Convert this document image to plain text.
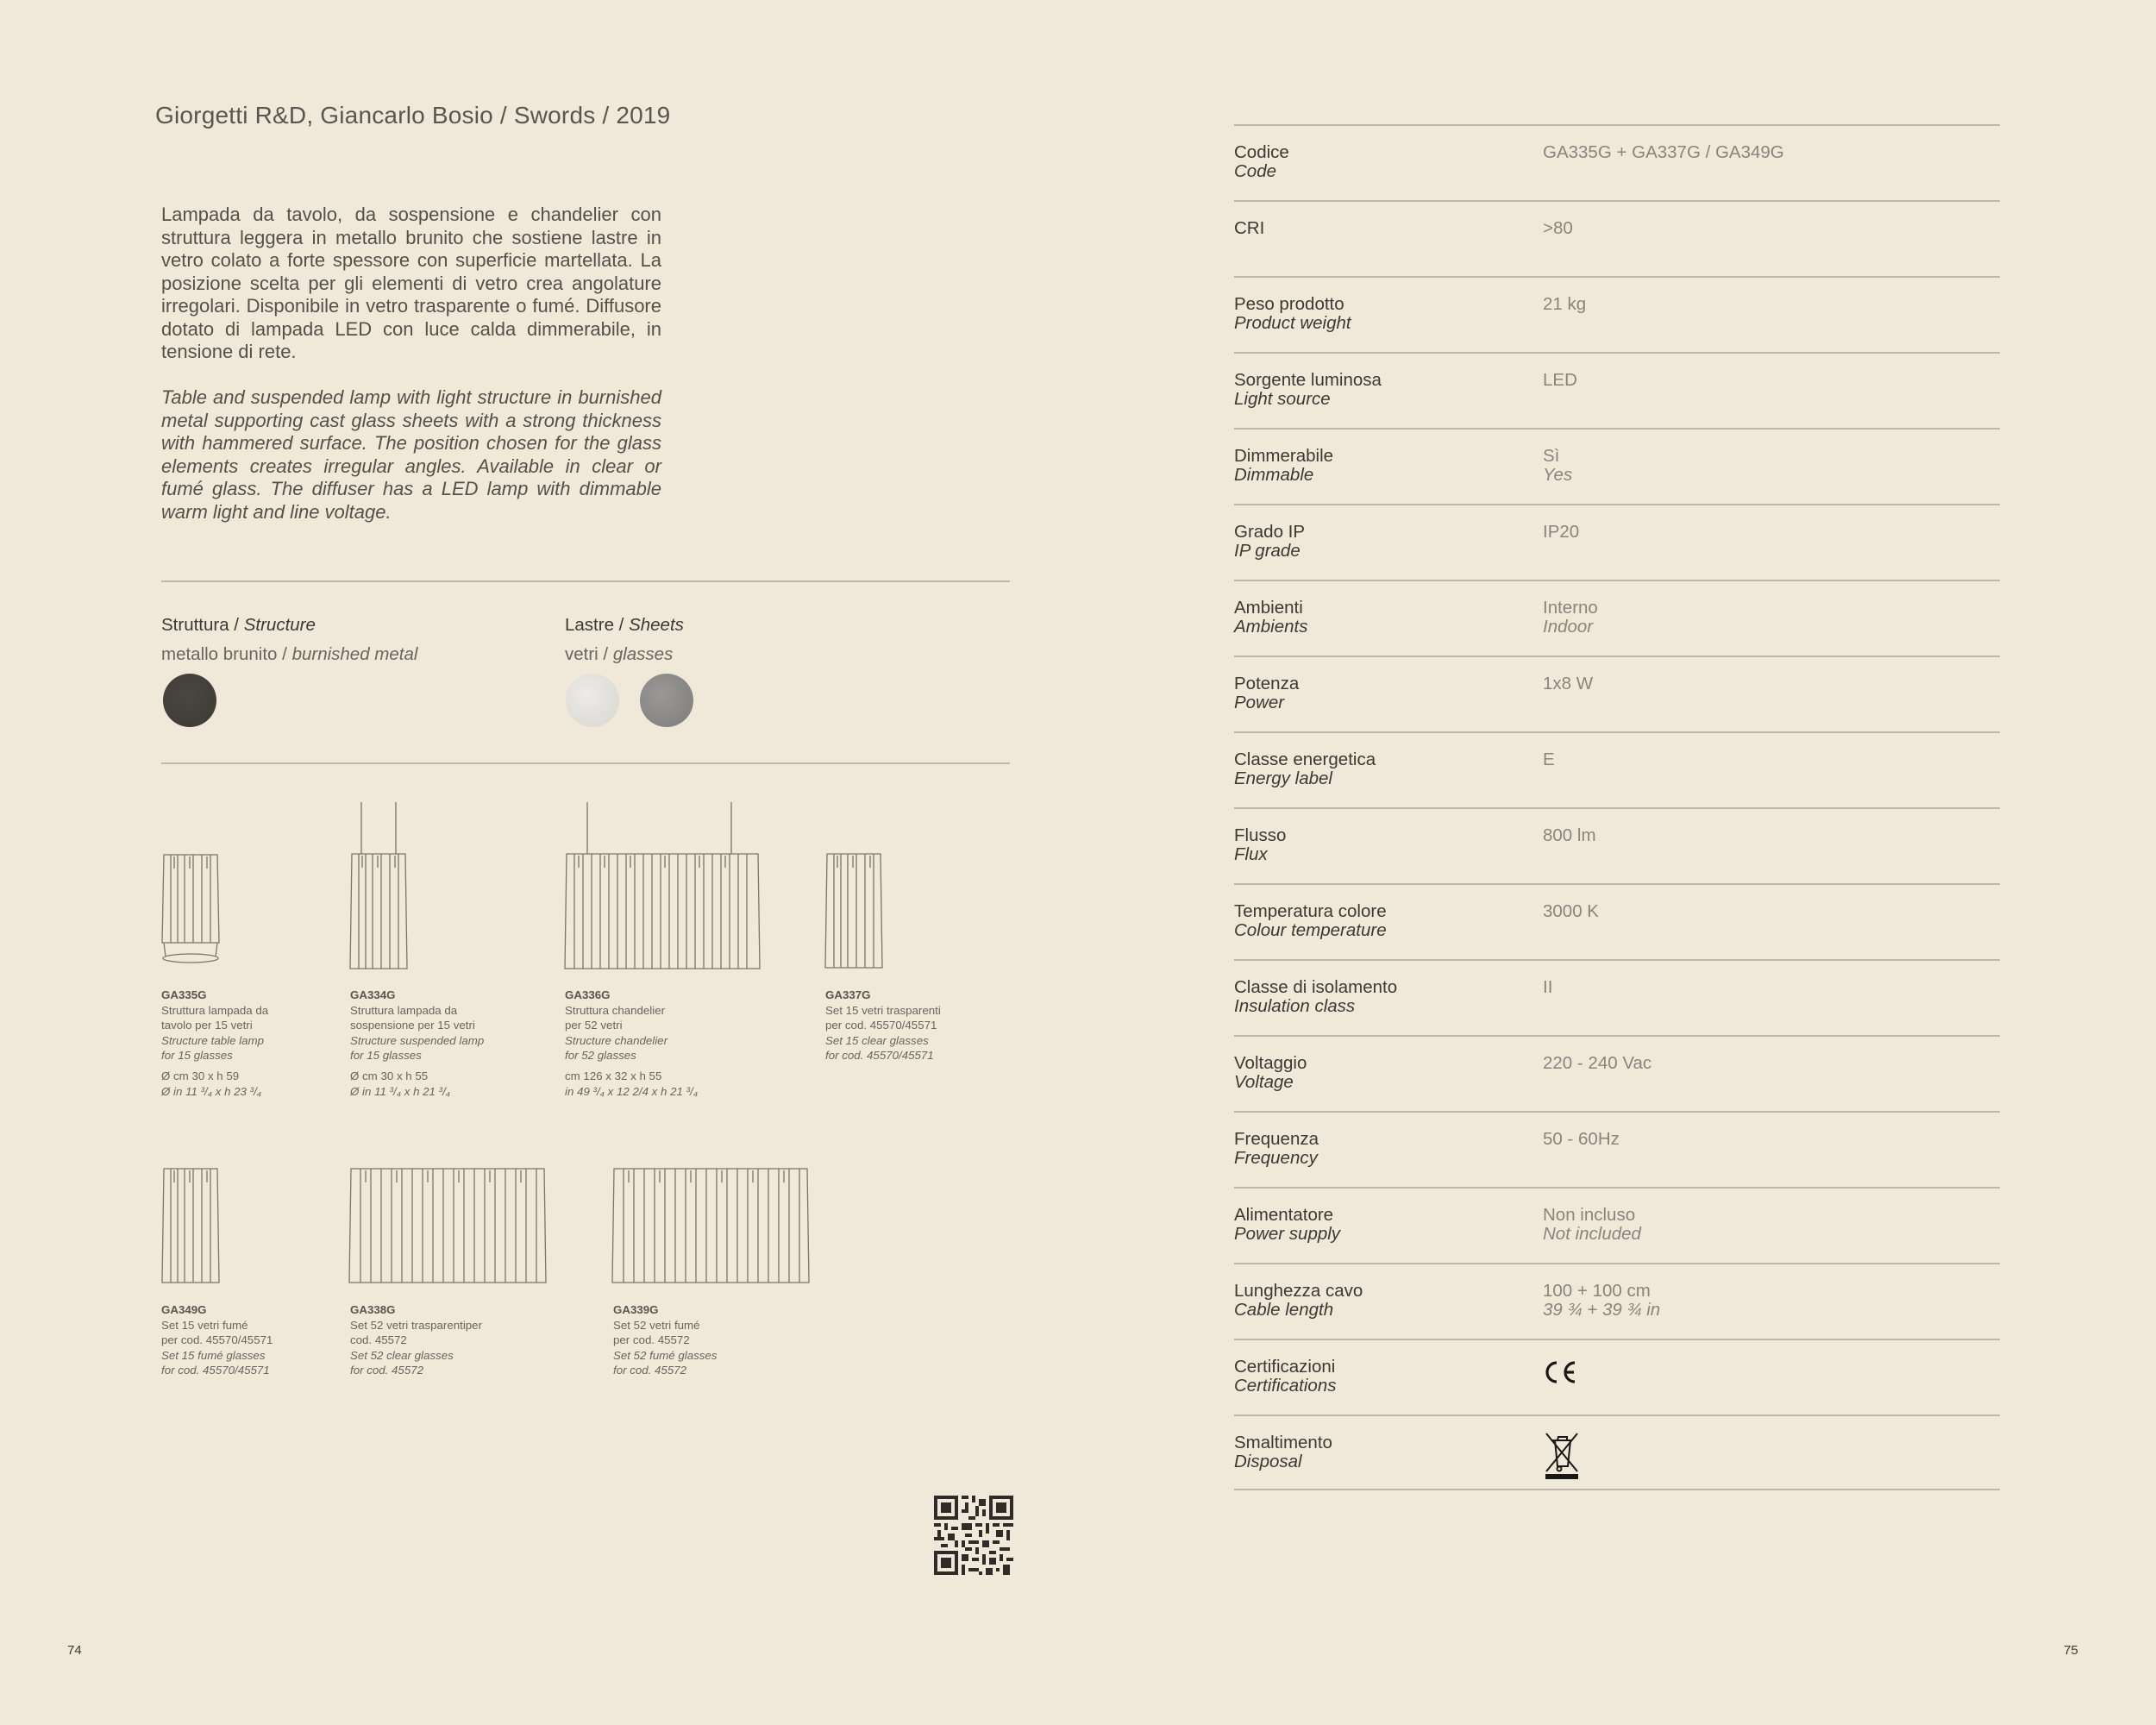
Giorgetti R&D, Giancarlo Bosio / Swords / 2019
Lampada da tavolo, da sospensione e chandelier con struttura leggera in metallo brunito che sostiene lastre in vetro colato a forte spessore con superficie martellata. La posizione scelta per gli elementi di vetro crea angolature irregolari. Disponibile in vetro trasparente o fumé. Diffusore dotato di lampada LED con luce calda dimmerabile, in tensione di rete.
Table and suspended lamp with light structure in burnished metal supporting cast glass sheets with a strong thickness with hammered surface. The position chosen for the glass elements creates irregular angles. Available in clear or fumé glass. The diffuser has a LED lamp with dimmable warm light and line voltage.
Struttura / Structure
metallo brunito / burnished metal
Lastre / Sheets
vetri / glasses
GA335G
Struttura lampada da
tavolo per 15 vetri
Structure table lamp
for 15 glasses
Ø cm 30 x h 59
Ø in 11 ³/₄ x h 23 ³/₄
GA334G
Struttura lampada da
sospensione per 15 vetri
Structure suspended lamp
for 15 glasses
Ø cm 30 x h 55
Ø in 11 ³/₄ x h 21 ³/₄
GA336G
Struttura chandelier
per 52 vetri
Structure chandelier
for 52 glasses
cm 126 x 32 x h 55
in 49 ³/₄ x 12 2/4 x h 21 ³/₄
GA337G
Set 15 vetri trasparenti
per cod. 45570/45571
Set 15 clear glasses
for cod. 45570/45571
GA349G
Set 15 vetri fumé
per cod. 45570/45571
Set 15 fumé glasses
for cod. 45570/45571
GA338G
Set 52 vetri trasparentiper
cod. 45572
Set 52 clear glasses
for cod. 45572
GA339G
Set 52 vetri fumé
per cod. 45572
Set 52 fumé glasses
for cod. 45572
Codice
Code
GA335G + GA337G / GA349G
CRI	>80
Peso prodotto
Product weight
21 kg
Sorgente luminosa
Light source
LED
Dimmerabile
Dimmable
Sì
Yes
Grado IP
IP grade
IP20
Ambienti
Ambients
Interno
Indoor
Potenza
Power
1x8 W
Classe energetica
Energy label
E
Flusso
Flux
800 lm
Temperatura colore
Colour temperature
3000 K
Classe di isolamento
Insulation class
II
Voltaggio
Voltage
220 - 240 Vac
Frequenza
Frequency
50 - 60Hz
Alimentatore
Power supply
Non incluso
Not included
Lunghezza cavo
Cable length
100 + 100 cm
39 ¾ + 39 ¾ in
Certificazioni
Certifications
Smaltimento
Disposal
74	75
